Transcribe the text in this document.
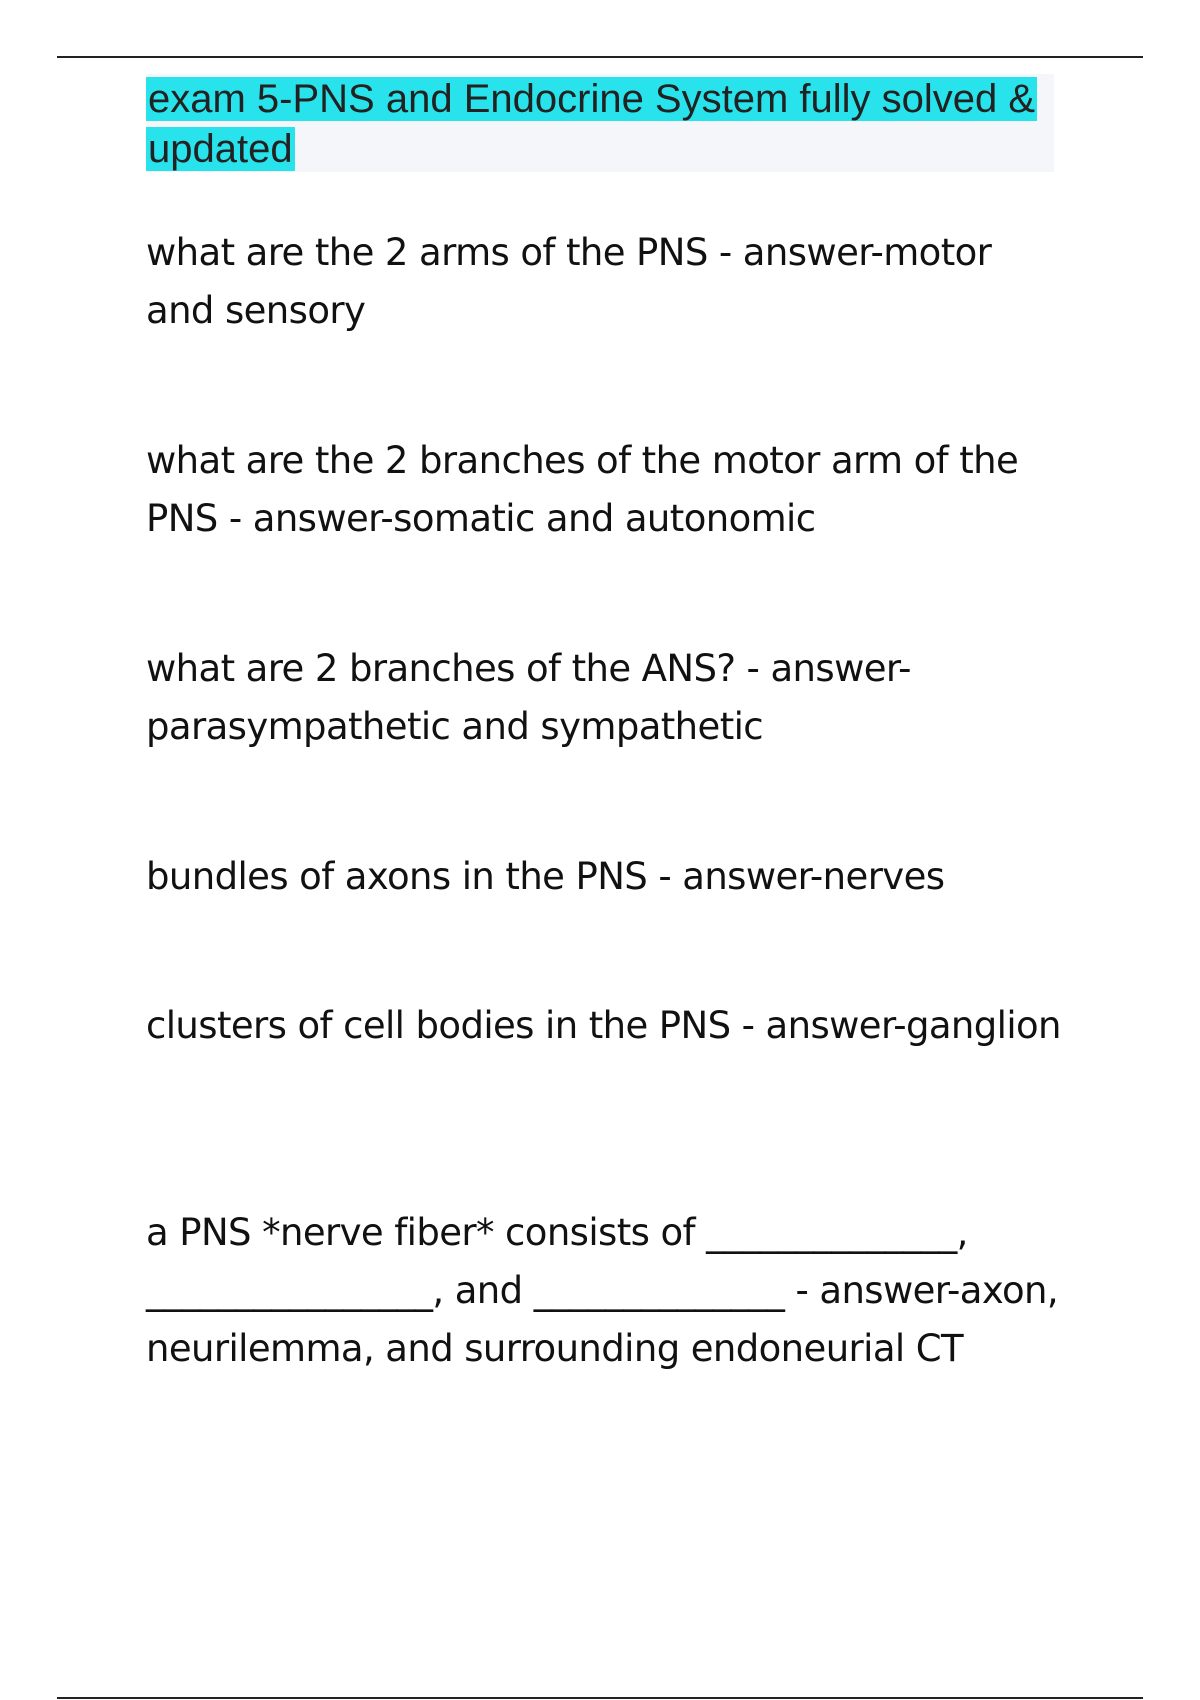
exam 5-PNS and Endocrine System fully solved & updated

what are the 2 arms of the PNS - answer-motor and sensory

what are the 2 branches of the motor arm of the PNS - answer-somatic and autonomic

what are 2 branches of the ANS? - answer-parasympathetic and sympathetic

bundles of axons in the PNS - answer-nerves

clusters of cell bodies in the PNS - answer-ganglion

a PNS *nerve fiber* consists of ______________, ________________, and ______________ - answer-axon, neurilemma, and surrounding endoneurial CT
